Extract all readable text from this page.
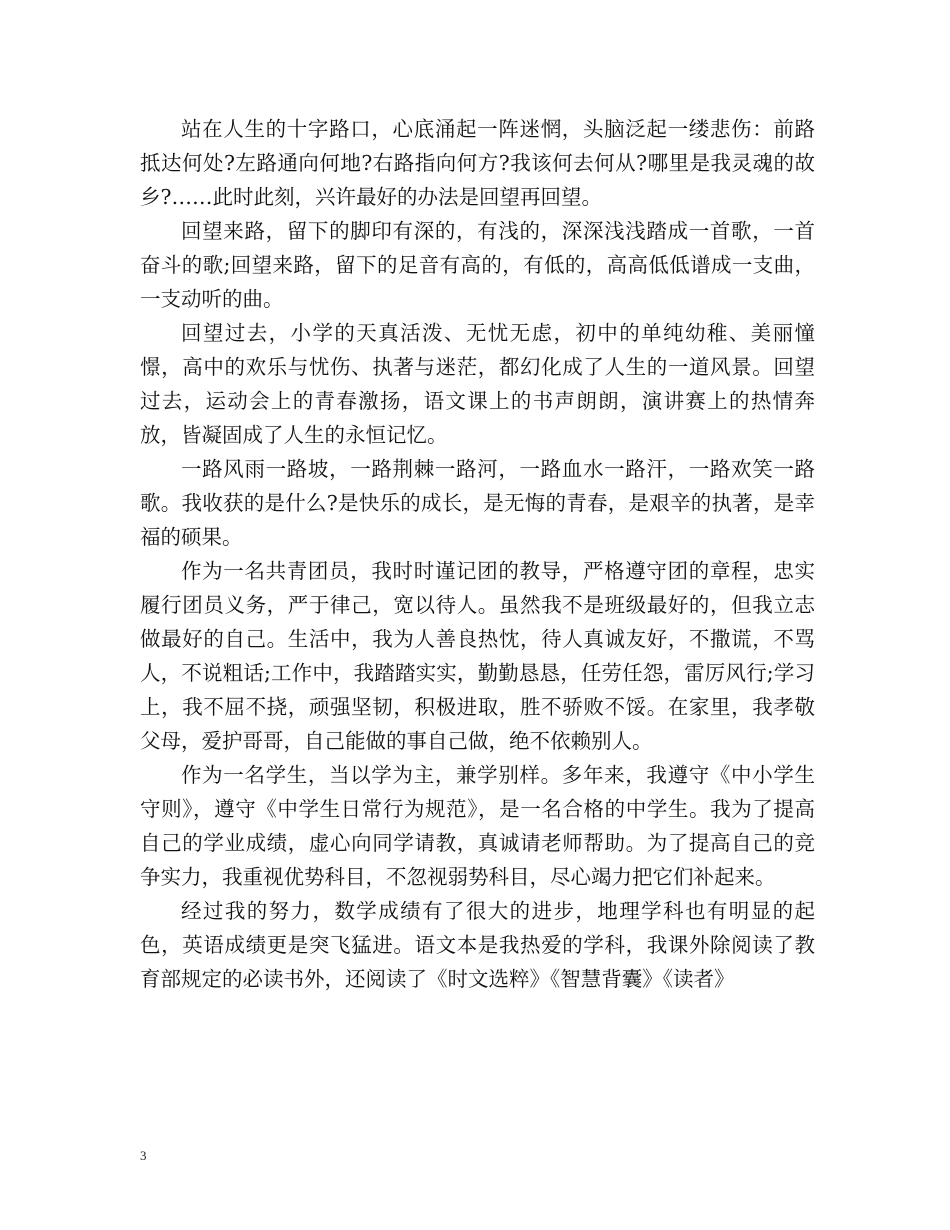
站在人生的十字路口，心底涌起一阵迷惘，头脑泛起一缕悲伤：前路抵达何处?左路通向何地?右路指向何方?我该何去何从?哪里是我灵魂的故乡?……此时此刻，兴许最好的办法是回望再回望。

回望来路，留下的脚印有深的，有浅的，深深浅浅踏成一首歌，一首奋斗的歌;回望来路，留下的足音有高的，有低的，高高低低谱成一支曲，一支动听的曲。

回望过去，小学的天真活泼、无忧无虑，初中的单纯幼稚、美丽憧憬，高中的欢乐与忧伤、执著与迷茫，都幻化成了人生的一道风景。回望过去，运动会上的青春激扬，语文课上的书声朗朗，演讲赛上的热情奔放，皆凝固成了人生的永恒记忆。

一路风雨一路坡，一路荆棘一路河，一路血水一路汗，一路欢笑一路歌。我收获的是什么?是快乐的成长，是无悔的青春，是艰辛的执著，是幸福的硕果。

作为一名共青团员，我时时谨记团的教导，严格遵守团的章程，忠实履行团员义务，严于律己，宽以待人。虽然我不是班级最好的，但我立志做最好的自己。生活中，我为人善良热忱，待人真诚友好，不撒谎，不骂人，不说粗话;工作中，我踏踏实实，勤勤恳恳，任劳任怨，雷厉风行;学习上，我不屈不挠，顽强坚韧，积极进取，胜不骄败不馁。在家里，我孝敬父母，爱护哥哥，自己能做的事自己做，绝不依赖别人。

作为一名学生，当以学为主，兼学别样。多年来，我遵守《中小学生守则》，遵守《中学生日常行为规范》，是一名合格的中学生。我为了提高自己的学业成绩，虚心向同学请教，真诚请老师帮助。为了提高自己的竞争实力，我重视优势科目，不忽视弱势科目，尽心竭力把它们补起来。

经过我的努力，数学成绩有了很大的进步，地理学科也有明显的起色，英语成绩更是突飞猛进。语文本是我热爱的学科，我课外除阅读了教育部规定的必读书外，还阅读了《时文选粹》《智慧背囊》《读者》

3
